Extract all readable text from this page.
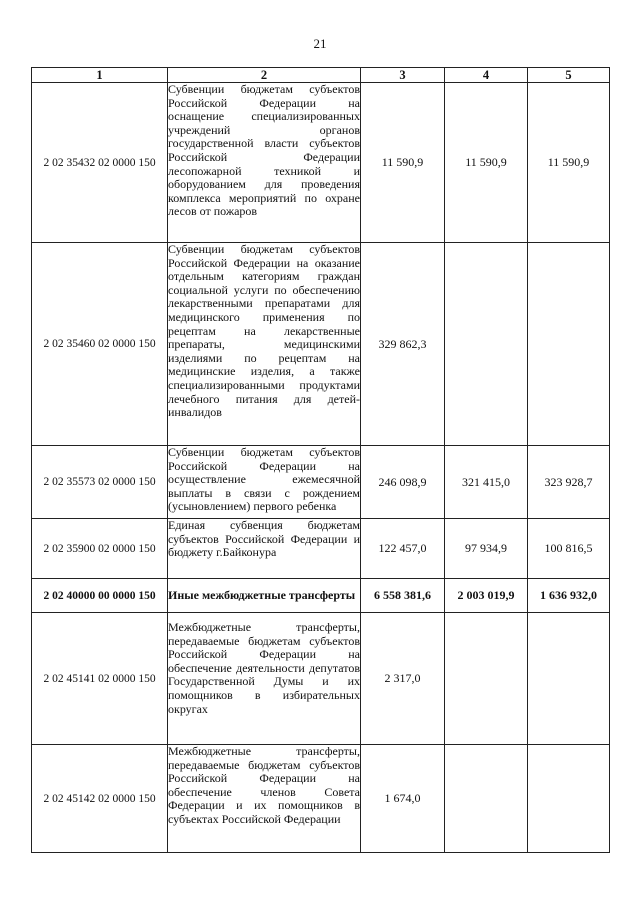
21
1	2	3	4	5
2 02 35432 02 0000 150	Субвенции бюджетам субъектов Российской Федерации на оснащение специализированных учреждений органов государственной власти субъектов Российской Федерации лесопожарной техникой и оборудованием для проведения комплекса мероприятий по охране лесов от пожаров	11 590,9	11 590,9	11 590,9
2 02 35460 02 0000 150	Субвенции бюджетам субъектов Российской Федерации на оказание отдельным категориям граждан социальной услуги по обеспечению лекарственными препаратами для медицинского применения по рецептам на лекарственные препараты, медицинскими изделиями по рецептам на медицинские изделия, а также специализированными продуктами лечебного питания для детей-инвалидов	329 862,3		
2 02 35573 02 0000 150	Субвенции бюджетам субъектов Российской Федерации на осуществление ежемесячной выплаты в связи с рождением (усыновлением) первого ребенка	246 098,9	321 415,0	323 928,7
2 02 35900 02 0000 150	Единая субвенция бюджетам субъектов Российской Федерации и бюджету г.Байконура	122 457,0	97 934,9	100 816,5
2 02 40000 00 0000 150	Иные межбюджетные трансферты	6 558 381,6	2 003 019,9	1 636 932,0
2 02 45141 02 0000 150	Межбюджетные трансферты, передаваемые бюджетам субъектов Российской Федерации на обеспечение деятельности депутатов Государственной Думы и их помощников в избирательных округах	2 317,0		
2 02 45142 02 0000 150	Межбюджетные трансферты, передаваемые бюджетам субъектов Российской Федерации на обеспечение членов Совета Федерации и их помощников в субъектах Российской Федерации	1 674,0		
